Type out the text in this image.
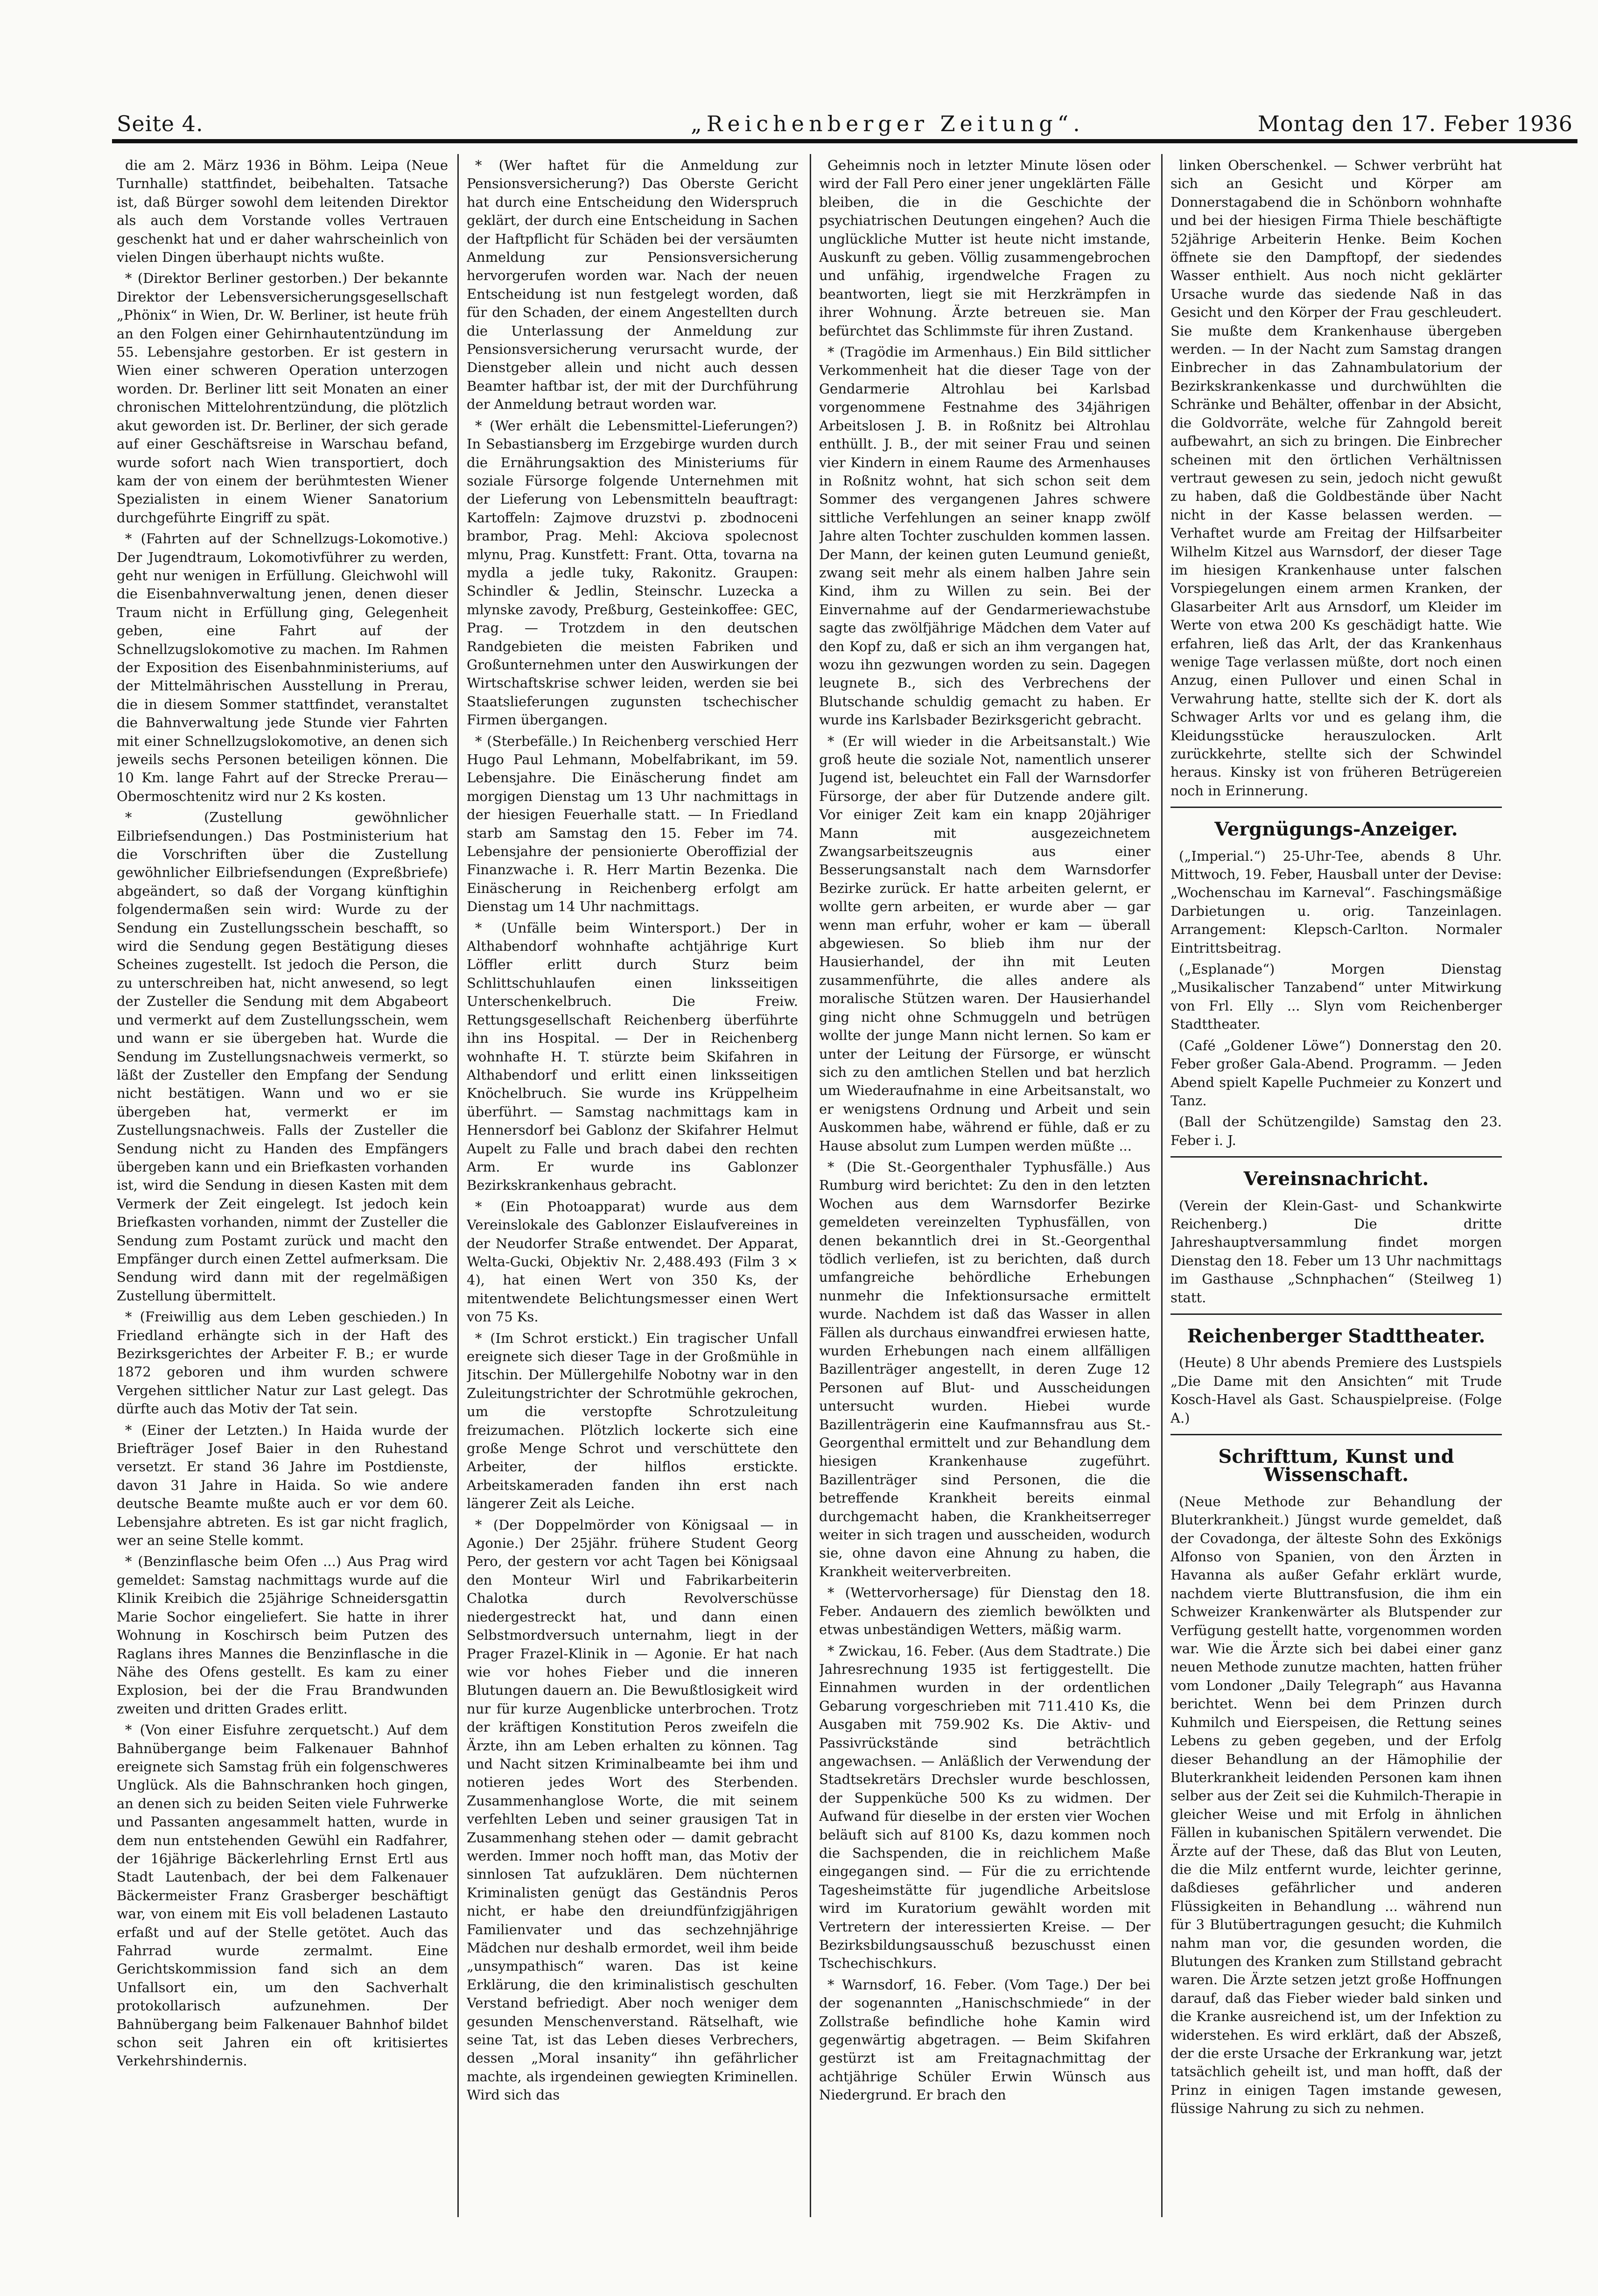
Seite 4.	„Reichenberger Zeitung“.	Montag den 17. Feber 1936

die am 2. März 1936 in Böhm. Leipa (Neue Turnhalle) stattfindet, beibehalten. Tatsache ist, daß Bürger sowohl dem leitenden Direktor als auch dem Vorstande volles Vertrauen geschenkt hat und er daher wahrscheinlich von vielen Dingen überhaupt nichts wußte.

* (Direktor Berliner gestorben.) Der bekannte Direktor der Lebensversicherungsgesellschaft „Phönix“ in Wien, Dr. W. Berliner, ist heute früh an den Folgen einer Gehirnhautentzündung im 55. Lebensjahre gestorben. Er ist gestern in Wien einer schweren Operation unterzogen worden. Dr. Berliner litt seit Monaten an einer chronischen Mittelohrentzündung, die plötzlich akut geworden ist. Dr. Berliner, der sich gerade auf einer Geschäftsreise in Warschau befand, wurde sofort nach Wien transportiert, doch kam der von einem der berühmtesten Wiener Spezialisten in einem Wiener Sanatorium durchgeführte Eingriff zu spät.

* (Fahrten auf der Schnellzugs-Lokomotive.) Der Jugendtraum, Lokomotivführer zu werden, geht nur wenigen in Erfüllung. Gleichwohl will die Eisenbahnverwaltung jenen, denen dieser Traum nicht in Erfüllung ging, Gelegenheit geben, eine Fahrt auf der Schnellzugslokomotive zu machen. Im Rahmen der Exposition des Eisenbahnministeriums, auf der Mittelmährischen Ausstellung in Prerau, die in diesem Sommer stattfindet, veranstaltet die Bahnverwaltung jede Stunde vier Fahrten mit einer Schnellzugslokomotive, an denen sich jeweils sechs Personen beteiligen können. Die 10 Km. lange Fahrt auf der Strecke Prerau—Obermoschtenitz wird nur 2 Ks kosten.

* (Zustellung gewöhnlicher Eilbriefsendungen.) Das Postministerium hat die Vorschriften über die Zustellung gewöhnlicher Eilbriefsendungen (Expreßbriefe) abgeändert, so daß der Vorgang künftighin folgendermaßen sein wird: Wurde zu der Sendung ein Zustellungsschein beschafft, so wird die Sendung gegen Bestätigung dieses Scheines zugestellt. Ist jedoch die Person, die zu unterschreiben hat, nicht anwesend, so legt der Zusteller die Sendung mit dem Abgabeort und vermerkt auf dem Zustellungsschein, wem und wann er sie übergeben hat. Wurde die Sendung im Zustellungsnachweis vermerkt, so läßt der Zusteller den Empfang der Sendung nicht bestätigen. Wann und wo er sie übergeben hat, vermerkt er im Zustellungsnachweis. Falls der Zusteller die Sendung nicht zu Handen des Empfängers übergeben kann und ein Briefkasten vorhanden ist, wird die Sendung in diesen Kasten mit dem Vermerk der Zeit eingelegt. Ist jedoch kein Briefkasten vorhanden, nimmt der Zusteller die Sendung zum Postamt zurück und macht den Empfänger durch einen Zettel aufmerksam. Die Sendung wird dann mit der regelmäßigen Zustellung übermittelt.

* (Freiwillig aus dem Leben geschieden.) In Friedland erhängte sich in der Haft des Bezirksgerichtes der Arbeiter F. B.; er wurde 1872 geboren und ihm wurden schwere Vergehen sittlicher Natur zur Last gelegt. Das dürfte auch das Motiv der Tat sein.

* (Einer der Letzten.) In Haida wurde der Briefträger Josef Baier in den Ruhestand versetzt. Er stand 36 Jahre im Postdienste, davon 31 Jahre in Haida. So wie andere deutsche Beamte mußte auch er vor dem 60. Lebensjahre abtreten. Es ist gar nicht fraglich, wer an seine Stelle kommt.

* (Benzinflasche beim Ofen ...) Aus Prag wird gemeldet: Samstag nachmittags wurde auf die Klinik Kreibich die 25jährige Schneidersgattin Marie Sochor eingeliefert. Sie hatte in ihrer Wohnung in Koschirsch beim Putzen des Raglans ihres Mannes die Benzinflasche in die Nähe des Ofens gestellt. Es kam zu einer Explosion, bei der die Frau Brandwunden zweiten und dritten Grades erlitt.

* (Von einer Eisfuhre zerquetscht.) Auf dem Bahnübergange beim Falkenauer Bahnhof ereignete sich Samstag früh ein folgenschweres Unglück. Als die Bahnschranken hoch gingen, an denen sich zu beiden Seiten viele Fuhrwerke und Passanten angesammelt hatten, wurde in dem nun entstehenden Gewühl ein Radfahrer, der 16jährige Bäckerlehrling Ernst Ertl aus Stadt Lautenbach, der bei dem Falkenauer Bäckermeister Franz Grasberger beschäftigt war, von einem mit Eis voll beladenen Lastauto erfaßt und auf der Stelle getötet. Auch das Fahrrad wurde zermalmt. Eine Gerichtskommission fand sich an dem Unfallsort ein, um den Sachverhalt protokollarisch aufzunehmen. Der Bahnübergang beim Falkenauer Bahnhof bildet schon seit Jahren ein oft kritisiertes Verkehrshindernis.

* (Wer haftet für die Anmeldung zur Pensionsversicherung?) Das Oberste Gericht hat durch eine Entscheidung den Widerspruch geklärt, der durch eine Entscheidung in Sachen der Haftpflicht für Schäden bei der versäumten Anmeldung zur Pensionsversicherung hervorgerufen worden war. Nach der neuen Entscheidung ist nun festgelegt worden, daß für den Schaden, der einem Angestellten durch die Unterlassung der Anmeldung zur Pensionsversicherung verursacht wurde, der Dienstgeber allein und nicht auch dessen Beamter haftbar ist, der mit der Durchführung der Anmeldung betraut worden war.

* (Wer erhält die Lebensmittel-Lieferungen?) In Sebastiansberg im Erzgebirge wurden durch die Ernährungsaktion des Ministeriums für soziale Fürsorge folgende Unternehmen mit der Lieferung von Lebensmitteln beauftragt: Kartoffeln: Zajmove druzstvi p. zbodnoceni brambor, Prag. Mehl: Akciova spolecnost mlynu, Prag. Kunstfett: Frant. Otta, tovarna na mydla a jedle tuky, Rakonitz. Graupen: Schindler & Jedlin, Steinschr. Luzecka a mlynske zavody, Preßburg, Gesteinkoffee: GEC, Prag. — Trotzdem in den deutschen Randgebieten die meisten Fabriken und Großunternehmen unter den Auswirkungen der Wirtschaftskrise schwer leiden, werden sie bei Staatslieferungen zugunsten tschechischer Firmen übergangen.

* (Sterbefälle.) In Reichenberg verschied Herr Hugo Paul Lehmann, Mobelfabrikant, im 59. Lebensjahre. Die Einäscherung findet am morgigen Dienstag um 13 Uhr nachmittags in der hiesigen Feuerhalle statt. — In Friedland starb am Samstag den 15. Feber im 74. Lebensjahre der pensionierte Oberoffizial der Finanzwache i. R. Herr Martin Bezenka. Die Einäscherung in Reichenberg erfolgt am Dienstag um 14 Uhr nachmittags.

* (Unfälle beim Wintersport.) Der in Althabendorf wohnhafte achtjährige Kurt Löffler erlitt durch Sturz beim Schlittschuhlaufen einen linksseitigen Unterschenkelbruch. Die Freiw. Rettungsgesellschaft Reichenberg überführte ihn ins Hospital. — Der in Reichenberg wohnhafte H. T. stürzte beim Skifahren in Althabendorf und erlitt einen linksseitigen Knöchelbruch. Sie wurde ins Krüppelheim überführt. — Samstag nachmittags kam in Hennersdorf bei Gablonz der Skifahrer Helmut Aupelt zu Falle und brach dabei den rechten Arm. Er wurde ins Gablonzer Bezirkskrankenhaus gebracht.

* (Ein Photoapparat) wurde aus dem Vereinslokale des Gablonzer Eislaufvereines in der Neudorfer Straße entwendet. Der Apparat, Welta-Gucki, Objektiv Nr. 2,488.493 (Film 3 × 4), hat einen Wert von 350 Ks, der mitentwendete Belichtungsmesser einen Wert von 75 Ks.

* (Im Schrot erstickt.) Ein tragischer Unfall ereignete sich dieser Tage in der Großmühle in Jitschin. Der Müllergehilfe Nobotny war in den Zuleitungstrichter der Schrotmühle gekrochen, um die verstopfte Schrotzuleitung freizumachen. Plötzlich lockerte sich eine große Menge Schrot und verschüttete den Arbeiter, der hilflos erstickte. Arbeitskameraden fanden ihn erst nach längerer Zeit als Leiche.

* (Der Doppelmörder von Königsaal — in Agonie.) Der 25jähr. frühere Student Georg Pero, der gestern vor acht Tagen bei Königsaal den Monteur Wirl und Fabrikarbeiterin Chalotka durch Revolverschüsse niedergestreckt hat, und dann einen Selbstmordversuch unternahm, liegt in der Prager Frazel-Klinik in — Agonie. Er hat nach wie vor hohes Fieber und die inneren Blutungen dauern an. Die Bewußtlosigkeit wird nur für kurze Augenblicke unterbrochen. Trotz der kräftigen Konstitution Peros zweifeln die Ärzte, ihn am Leben erhalten zu können. Tag und Nacht sitzen Kriminalbeamte bei ihm und notieren jedes Wort des Sterbenden. Zusammenhanglose Worte, die mit seinem verfehlten Leben und seiner grausigen Tat in Zusammenhang stehen oder — damit gebracht werden. Immer noch hofft man, das Motiv der sinnlosen Tat aufzuklären. Dem nüchternen Kriminalisten genügt das Geständnis Peros nicht, er habe den dreiundfünfzigjährigen Familienvater und das sechzehnjährige Mädchen nur deshalb ermordet, weil ihm beide „unsympathisch“ waren. Das ist keine Erklärung, die den kriminalistisch geschulten Verstand befriedigt. Aber noch weniger dem gesunden Menschenverstand. Rätselhaft, wie seine Tat, ist das Leben dieses Verbrechers, dessen „Moral insanity“ ihn gefährlicher machte, als irgendeinen gewiegten Kriminellen. Wird sich das

Geheimnis noch in letzter Minute lösen oder wird der Fall Pero einer jener ungeklärten Fälle bleiben, die in die Geschichte der psychiatrischen Deutungen eingehen? Auch die unglückliche Mutter ist heute nicht imstande, Auskunft zu geben. Völlig zusammengebrochen und unfähig, irgendwelche Fragen zu beantworten, liegt sie mit Herzkrämpfen in ihrer Wohnung. Ärzte betreuen sie. Man befürchtet das Schlimmste für ihren Zustand.

* (Tragödie im Armenhaus.) Ein Bild sittlicher Verkommenheit hat die dieser Tage von der Gendarmerie Altrohlau bei Karlsbad vorgenommene Festnahme des 34jährigen Arbeitslosen J. B. in Roßnitz bei Altrohlau enthüllt. J. B., der mit seiner Frau und seinen vier Kindern in einem Raume des Armenhauses in Roßnitz wohnt, hat sich schon seit dem Sommer des vergangenen Jahres schwere sittliche Verfehlungen an seiner knapp zwölf Jahre alten Tochter zuschulden kommen lassen. Der Mann, der keinen guten Leumund genießt, zwang seit mehr als einem halben Jahre sein Kind, ihm zu Willen zu sein. Bei der Einvernahme auf der Gendarmeriewachstube sagte das zwölfjährige Mädchen dem Vater auf den Kopf zu, daß er sich an ihm vergangen hat, wozu ihn gezwungen worden zu sein. Dagegen leugnete B., sich des Verbrechens der Blutschande schuldig gemacht zu haben. Er wurde ins Karlsbader Bezirksgericht gebracht.

* (Er will wieder in die Arbeitsanstalt.) Wie groß heute die soziale Not, namentlich unserer Jugend ist, beleuchtet ein Fall der Warnsdorfer Fürsorge, der aber für Dutzende andere gilt. Vor einiger Zeit kam ein knapp 20jähriger Mann mit ausgezeichnetem Zwangsarbeitszeugnis aus einer Besserungsanstalt nach dem Warnsdorfer Bezirke zurück. Er hatte arbeiten gelernt, er wollte gern arbeiten, er wurde aber — gar wenn man erfuhr, woher er kam — überall abgewiesen. So blieb ihm nur der Hausierhandel, der ihn mit Leuten zusammenführte, die alles andere als moralische Stützen waren. Der Hausierhandel ging nicht ohne Schmuggeln und betrügen wollte der junge Mann nicht lernen. So kam er unter der Leitung der Fürsorge, er wünscht sich zu den amtlichen Stellen und bat herzlich um Wiederaufnahme in eine Arbeitsanstalt, wo er wenigstens Ordnung und Arbeit und sein Auskommen habe, während er fühle, daß er zu Hause absolut zum Lumpen werden müßte ...

* (Die St.-Georgenthaler Typhusfälle.) Aus Rumburg wird berichtet: Zu den in den letzten Wochen aus dem Warnsdorfer Bezirke gemeldeten vereinzelten Typhusfällen, von denen bekanntlich drei in St.-Georgenthal tödlich verliefen, ist zu berichten, daß durch umfangreiche behördliche Erhebungen nunmehr die Infektionsursache ermittelt wurde. Nachdem ist daß das Wasser in allen Fällen als durchaus einwandfrei erwiesen hatte, wurden Erhebungen nach einem allfälligen Bazillenträger angestellt, in deren Zuge 12 Personen auf Blut- und Ausscheidungen untersucht wurden. Hiebei wurde Bazillenträgerin eine Kaufmannsfrau aus St.-Georgenthal ermittelt und zur Behandlung dem hiesigen Krankenhause zugeführt. Bazillenträger sind Personen, die die betreffende Krankheit bereits einmal durchgemacht haben, die Krankheitserreger weiter in sich tragen und ausscheiden, wodurch sie, ohne davon eine Ahnung zu haben, die Krankheit weiterverbreiten.

* (Wettervorhersage) für Dienstag den 18. Feber. Andauern des ziemlich bewölkten und etwas unbeständigen Wetters, mäßig warm.

* Zwickau, 16. Feber. (Aus dem Stadtrate.) Die Jahresrechnung 1935 ist fertiggestellt. Die Einnahmen wurden in der ordentlichen Gebarung vorgeschrieben mit 711.410 Ks, die Ausgaben mit 759.902 Ks. Die Aktiv- und Passivrückstände sind beträchtlich angewachsen. — Anläßlich der Verwendung der Stadtsekretärs Drechsler wurde beschlossen, der Suppenküche 500 Ks zu widmen. Der Aufwand für dieselbe in der ersten vier Wochen beläuft sich auf 8100 Ks, dazu kommen noch die Sachspenden, die in reichlichem Maße eingegangen sind. — Für die zu errichtende Tagesheimstätte für jugendliche Arbeitslose wird im Kuratorium gewählt worden mit Vertretern der interessierten Kreise. — Der Bezirksbildungsausschuß bezuschusst einen Tschechischkurs.

* Warnsdorf, 16. Feber. (Vom Tage.) Der bei der sogenannten „Hanischschmiede“ in der Zollstraße befindliche hohe Kamin wird gegenwärtig abgetragen. — Beim Skifahren gestürzt ist am Freitagnachmittag der achtjährige Schüler Erwin Wünsch aus Niedergrund. Er brach den

linken Oberschenkel. — Schwer verbrüht hat sich an Gesicht und Körper am Donnerstagabend die in Schönborn wohnhafte und bei der hiesigen Firma Thiele beschäftigte 52jährige Arbeiterin Henke. Beim Kochen öffnete sie den Dampftopf, der siedendes Wasser enthielt. Aus noch nicht geklärter Ursache wurde das siedende Naß in das Gesicht und den Körper der Frau geschleudert. Sie mußte dem Krankenhause übergeben werden. — In der Nacht zum Samstag drangen Einbrecher in das Zahnambulatorium der Bezirkskrankenkasse und durchwühlten die Schränke und Behälter, offenbar in der Absicht, die Goldvorräte, welche für Zahngold bereit aufbewahrt, an sich zu bringen. Die Einbrecher scheinen mit den örtlichen Verhältnissen vertraut gewesen zu sein, jedoch nicht gewußt zu haben, daß die Goldbestände über Nacht nicht in der Kasse belassen werden. — Verhaftet wurde am Freitag der Hilfsarbeiter Wilhelm Kitzel aus Warnsdorf, der dieser Tage im hiesigen Krankenhause unter falschen Vorspiegelungen einem armen Kranken, der Glasarbeiter Arlt aus Arnsdorf, um Kleider im Werte von etwa 200 Ks geschädigt hatte. Wie erfahren, ließ das Arlt, der das Krankenhaus wenige Tage verlassen müßte, dort noch einen Anzug, einen Pullover und einen Schal in Verwahrung hatte, stellte sich der K. dort als Schwager Arlts vor und es gelang ihm, die Kleidungsstücke herauszulocken. Arlt zurückkehrte, stellte sich der Schwindel heraus. Kinsky ist von früheren Betrügereien noch in Erinnerung.

Vergnügungs-Anzeiger.

(„Imperial.“) 25-Uhr-Tee, abends 8 Uhr. Mittwoch, 19. Feber, Hausball unter der Devise: „Wochenschau im Karneval“. Faschingsmäßige Darbietungen u. orig. Tanzeinlagen. Arrangement: Klepsch-Carlton. Normaler Eintrittsbeitrag.

(„Esplanade“) Morgen Dienstag „Musikalischer Tanzabend“ unter Mitwirkung von Frl. Elly ... Slyn vom Reichenberger Stadttheater.

(Café „Goldener Löwe“) Donnerstag den 20. Feber großer Gala-Abend. Programm. — Jeden Abend spielt Kapelle Puchmeier zu Konzert und Tanz.

(Ball der Schützengilde) Samstag den 23. Feber i. J.

Vereinsnachricht.

(Verein der Klein-Gast- und Schankwirte Reichenberg.) Die dritte Jahreshauptversammlung findet morgen Dienstag den 18. Feber um 13 Uhr nachmittags im Gasthause „Schnphachen“ (Steilweg 1) statt.

Reichenberger Stadttheater.

(Heute) 8 Uhr abends Premiere des Lustspiels „Die Dame mit den Ansichten“ mit Trude Kosch-Havel als Gast. Schauspielpreise. (Folge A.)

Schrifttum, Kunst und Wissenschaft.

(Neue Methode zur Behandlung der Bluterkrankheit.) Jüngst wurde gemeldet, daß der Covadonga, der älteste Sohn des Exkönigs Alfonso von Spanien, von den Ärzten in Havanna als außer Gefahr erklärt wurde, nachdem vierte Bluttransfusion, die ihm ein Schweizer Krankenwärter als Blutspender zur Verfügung gestellt hatte, vorgenommen worden war. Wie die Ärzte sich bei dabei einer ganz neuen Methode zunutze machten, hatten früher vom Londoner „Daily Telegraph“ aus Havanna berichtet. Wenn bei dem Prinzen durch Kuhmilch und Eierspeisen, die Rettung seines Lebens zu geben gegeben, und der Erfolg dieser Behandlung an der Hämophilie der Bluterkrankheit leidenden Personen kam ihnen selber aus der Zeit sei die Kuhmilch-Therapie in gleicher Weise und mit Erfolg in ähnlichen Fällen in kubanischen Spitälern verwendet. Die Ärzte auf der These, daß das Blut von Leuten, die die Milz entfernt wurde, leichter gerinne, daßdieses gefährlicher und anderen Flüssigkeiten in Behandlung ... während nun für 3 Blutübertragungen gesucht; die Kuhmilch nahm man vor, die gesunden worden, die Blutungen des Kranken zum Stillstand gebracht waren. Die Ärzte setzen jetzt große Hoffnungen darauf, daß das Fieber wieder bald sinken und die Kranke ausreichend ist, um der Infektion zu widerstehen. Es wird erklärt, daß der Abszeß, der die erste Ursache der Erkrankung war, jetzt tatsächlich geheilt ist, und man hofft, daß der Prinz in einigen Tagen imstande gewesen, flüssige Nahrung zu sich zu nehmen.
